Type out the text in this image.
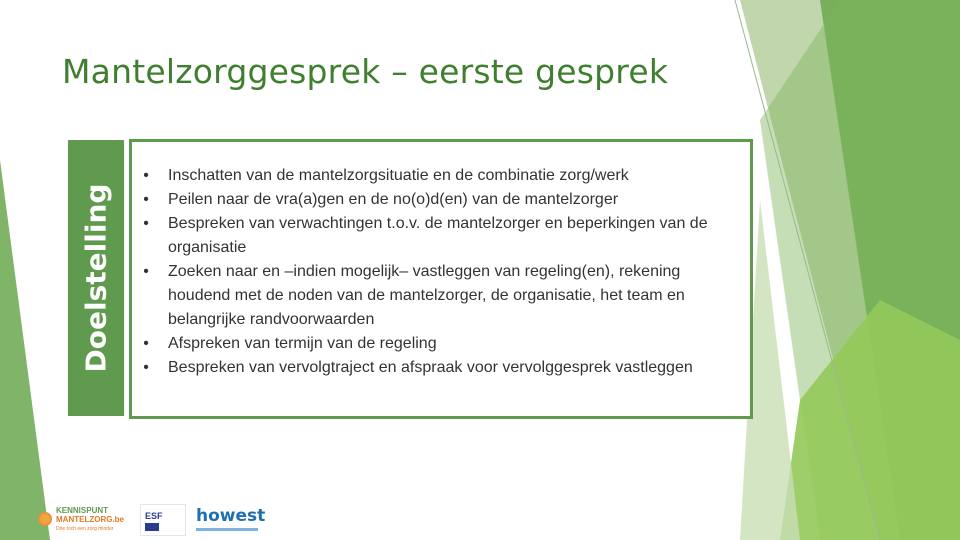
Mantelzorggesprek – eerste gesprek
Doelstelling
• Inschatten van de mantelzorgsituatie en de combinatie zorg/werk
• Peilen naar de vra(a)gen en de no(o)d(en) van de mantelzorger
• Bespreken van verwachtingen t.o.v. de mantelzorger en beperkingen van de organisatie
• Zoeken naar en –indien mogelijk– vastleggen van regeling(en), rekening houdend met de noden van de mantelzorger, de organisatie, het team en belangrijke randvoorwaarden
• Afspreken van termijn van de regeling
• Bespreken van vervolgtraject en afspraak voor vervolggesprek vastleggen
KENNISPUNT
MANTELZORG.be
Dóe toch een zorg minder
ESF howest
